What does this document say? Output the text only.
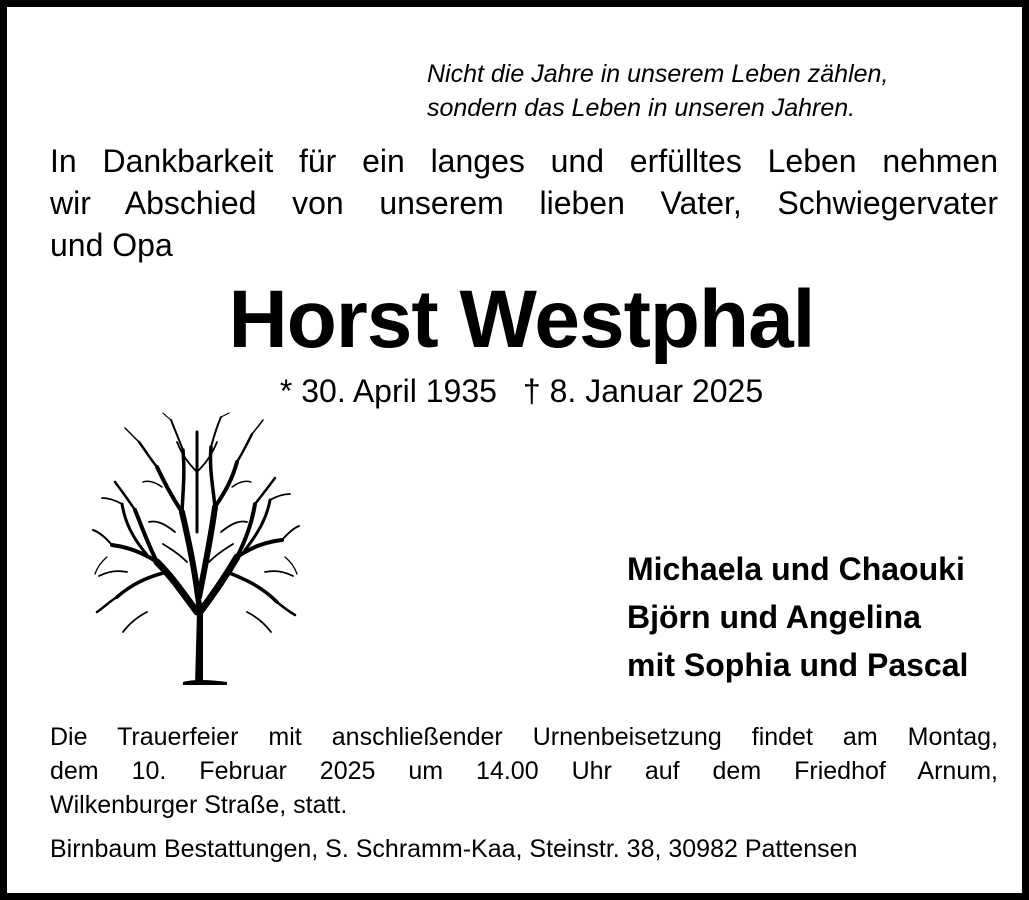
Nicht die Jahre in unserem Leben zählen,
sondern das Leben in unseren Jahren.
In Dankbarkeit für ein langes und erfülltes Leben nehmen
wir Abschied von unserem lieben Vater, Schwiegervater
und Opa
Horst Westphal
* 30. April 1935 † 8. Januar 2025
Michaela und Chaouki
Björn und Angelina
mit Sophia und Pascal
Die Trauerfeier mit anschließender Urnenbeisetzung findet am Montag,
dem 10. Februar 2025 um 14.00 Uhr auf dem Friedhof Arnum,
Wilkenburger Straße, statt.
Birnbaum Bestattungen, S. Schramm-Kaa, Steinstr. 38, 30982 Pattensen
